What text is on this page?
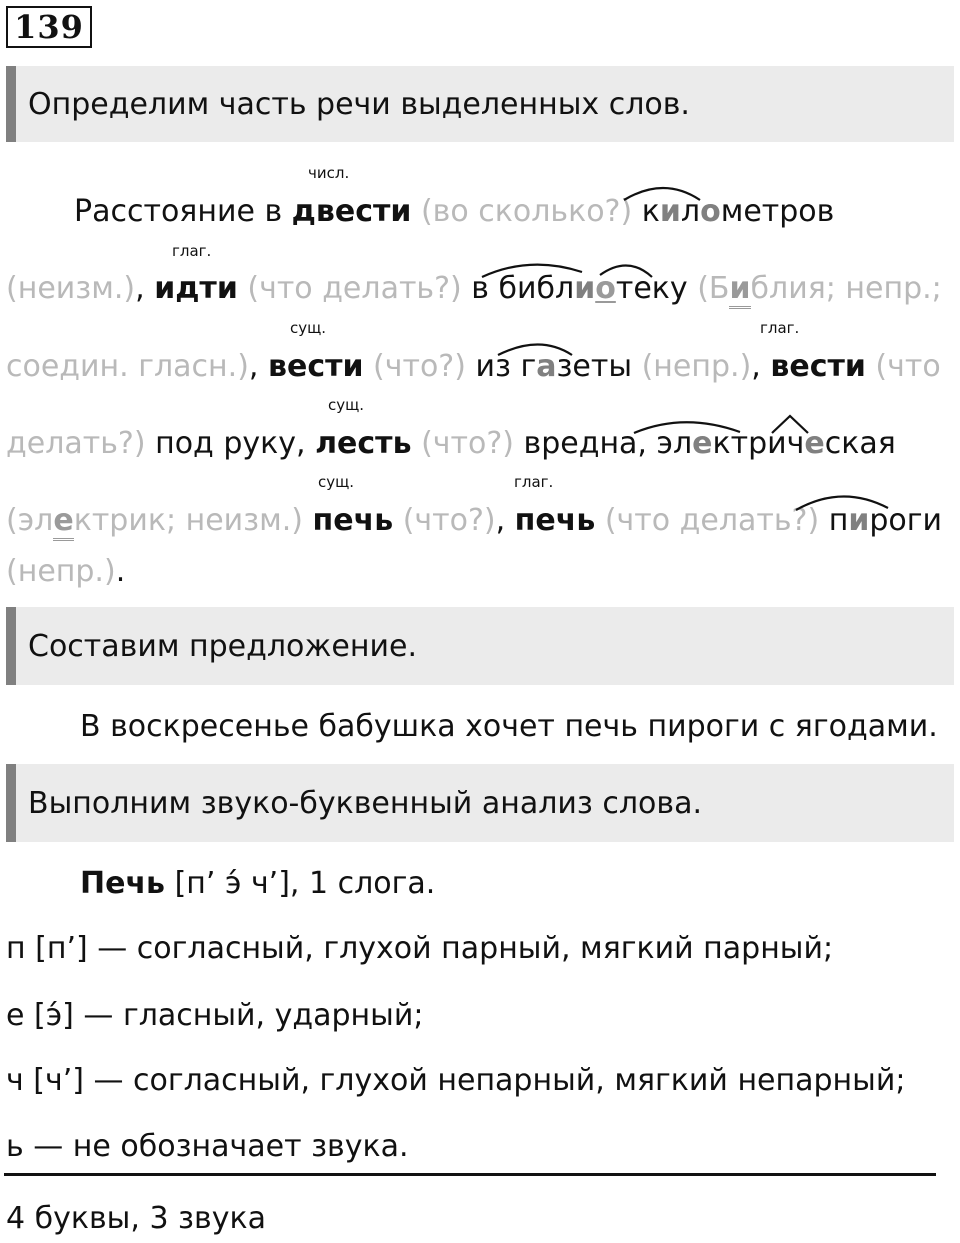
139
Определим часть речи выделенных слов.
числ.
глаг.
сущ.	глаг.
сущ.
сущ.	глаг.
Расстояние в двести (во сколько?) километров
(неизм.), идти (что делать?) в библиотеку (Библия; непр.;
соедин. гласн.), вести (что?) из газеты (непр.), вести (что
делать?) под руку, лесть (что?) вредна, электрическая
(электрик; неизм.) печь (что?), печь (что делать?) пироги
(непр.).
Составим предложение.
В воскресенье бабушка хочет печь пироги с ягодами.
Выполним звуко-буквенный анализ слова.
Печь [п’ э́ ч’], 1 слога.
п [п’] — согласный, глухой парный, мягкий парный;
е [э́] — гласный, ударный;
ч [ч’] — согласный, глухой непарный, мягкий непарный;
ь — не обозначает звука.
4 буквы, 3 звука
